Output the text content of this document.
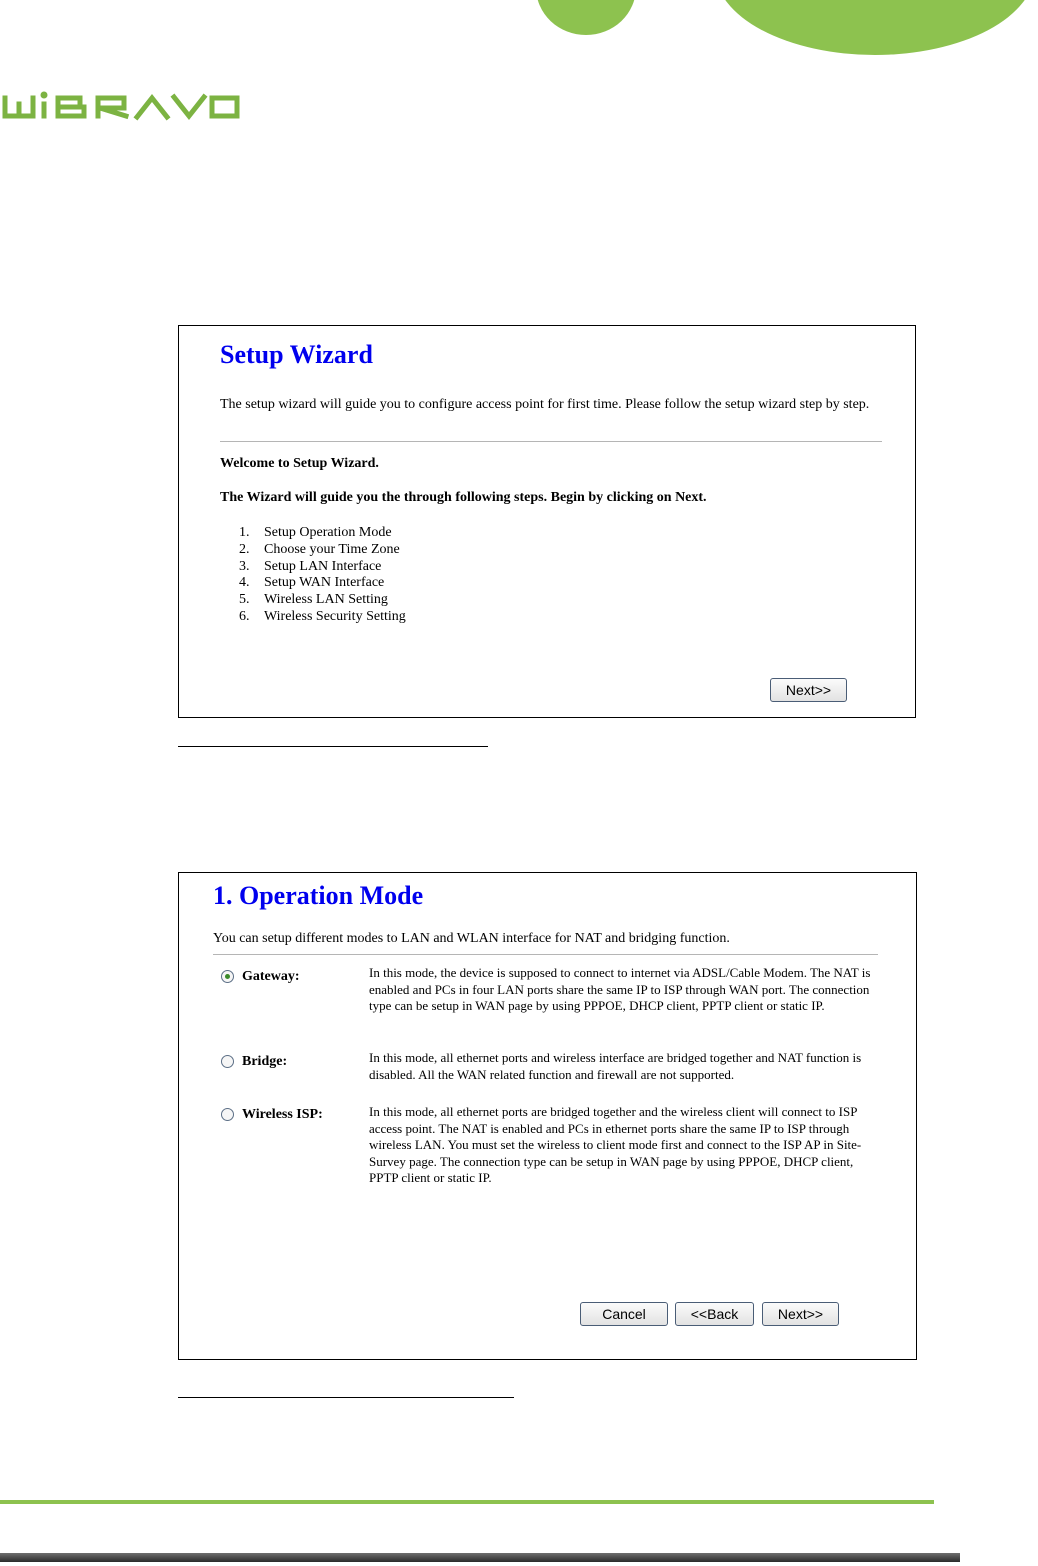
Setup Wizard
The setup wizard will guide you to configure access point for first time. Please follow the setup wizard step by step.
Welcome to Setup Wizard.
The Wizard will guide you the through following steps. Begin by clicking on Next.
1. Setup Operation Mode
2. Choose your Time Zone
3. Setup LAN Interface
4. Setup WAN Interface
5. Wireless LAN Setting
6. Wireless Security Setting
Next>>
1. Operation Mode
You can setup different modes to LAN and WLAN interface for NAT and bridging function.
Gateway:	In this mode, the device is supposed to connect to internet via ADSL/Cable Modem. The NAT is enabled and PCs in four LAN ports share the same IP to ISP through WAN port. The connection type can be setup in WAN page by using PPPOE, DHCP client, PPTP client or static IP.
Bridge:	In this mode, all ethernet ports and wireless interface are bridged together and NAT function is disabled. All the WAN related function and firewall are not supported.
Wireless ISP:	In this mode, all ethernet ports are bridged together and the wireless client will connect to ISP access point. The NAT is enabled and PCs in ethernet ports share the same IP to ISP through wireless LAN. You must set the wireless to client mode first and connect to the ISP AP in Site-Survey page. The connection type can be setup in WAN page by using PPPOE, DHCP client, PPTP client or static IP.
Cancel	<<Back	Next>>
